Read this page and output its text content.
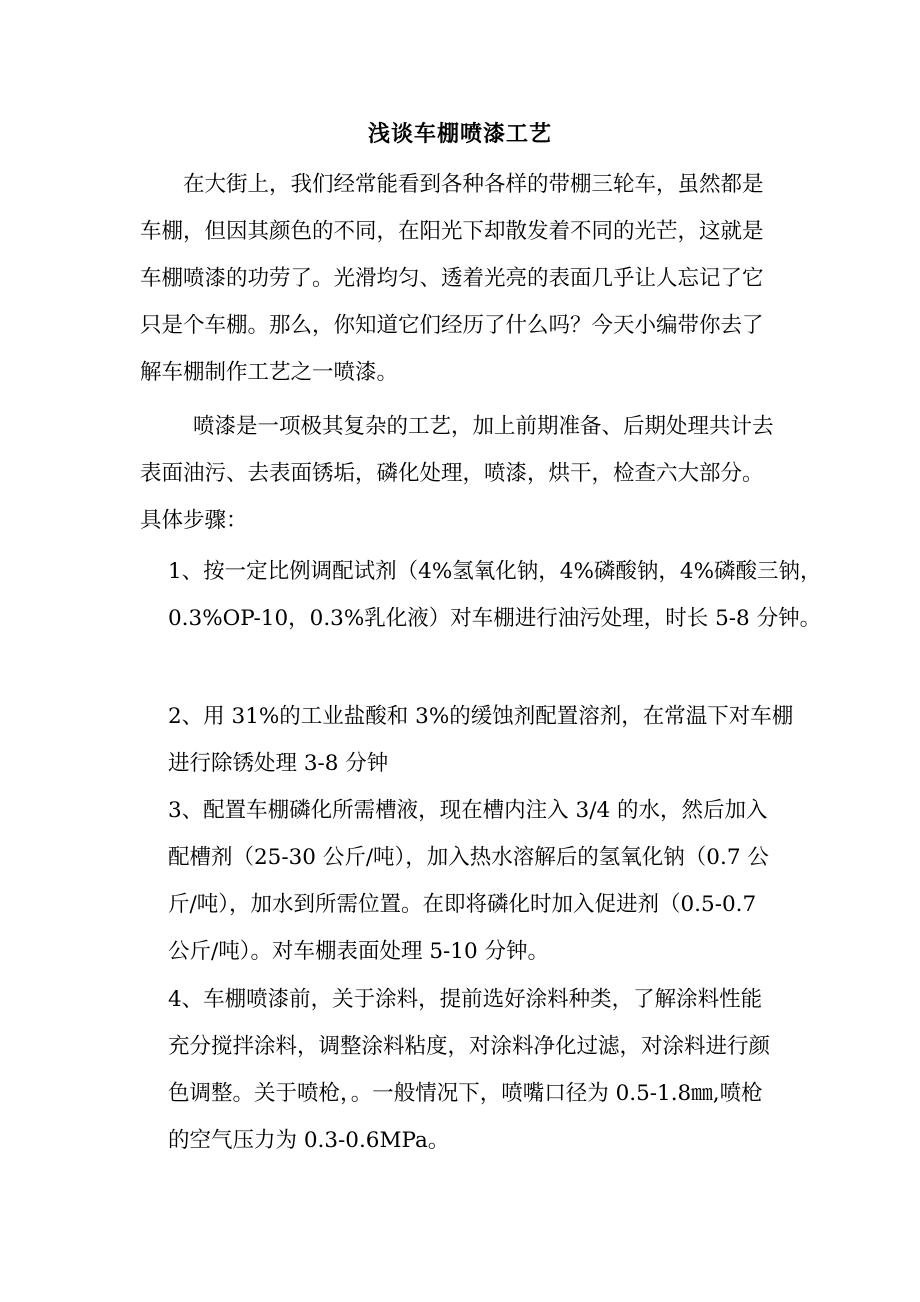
浅谈车棚喷漆工艺
在大街上，我们经常能看到各种各样的带棚三轮车，虽然都是
车棚，但因其颜色的不同，在阳光下却散发着不同的光芒，这就是
车棚喷漆的功劳了。光滑均匀、透着光亮的表面几乎让人忘记了它
只是个车棚。那么，你知道它们经历了什么吗？今天小编带你去了
解车棚制作工艺之一喷漆。
喷漆是一项极其复杂的工艺，加上前期准备、后期处理共计去
表面油污、去表面锈垢，磷化处理，喷漆，烘干，检查六大部分。
具体步骤：
1、按一定比例调配试剂（4%氢氧化钠，4%磷酸钠，4%磷酸三钠，
0.3%OP-10，0.3%乳化液）对车棚进行油污处理，时长 5-8 分钟。
2、用 31%的工业盐酸和 3%的缓蚀剂配置溶剂，在常温下对车棚
进行除锈处理 3-8 分钟
3、配置车棚磷化所需槽液，现在槽内注入 3/4 的水，然后加入
配槽剂（25-30 公斤/吨），加入热水溶解后的氢氧化钠（0.7 公
斤/吨），加水到所需位置。在即将磷化时加入促进剂（0.5-0.7
公斤/吨）。对车棚表面处理 5-10 分钟。
4、车棚喷漆前，关于涂料，提前选好涂料种类，了解涂料性能
充分搅拌涂料，调整涂料粘度，对涂料净化过滤，对涂料进行颜
色调整。关于喷枪，。一般情况下，喷嘴口径为 0.5-1.8㎜,喷枪
的空气压力为 0.3-0.6MPa。
